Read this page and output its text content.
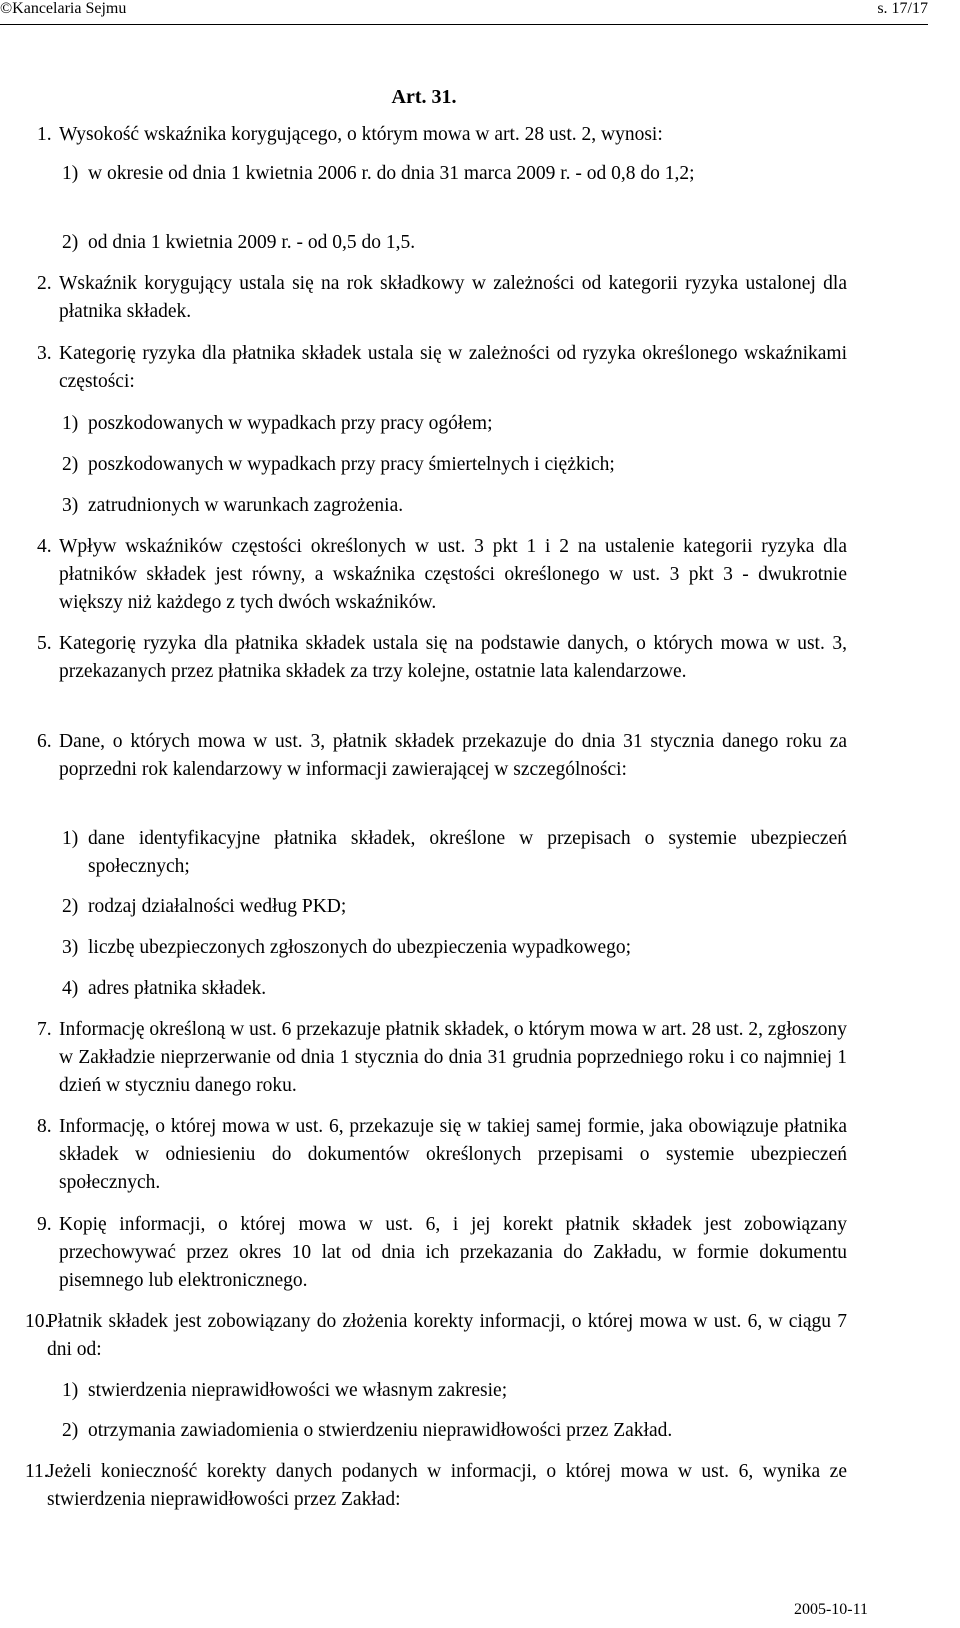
©Kancelaria Sejmu	s. 17/17
Art. 31.
1. Wysokość wskaźnika korygującego, o którym mowa w art. 28 ust. 2, wynosi:
1) w okresie od dnia 1 kwietnia 2006 r. do dnia 31 marca 2009 r. - od 0,8 do 1,2;
2) od dnia 1 kwietnia 2009 r. - od 0,5 do 1,5.
2. Wskaźnik korygujący ustala się na rok składkowy w zależności od kategorii ryzyka ustalonej dla płatnika składek.
3. Kategorię ryzyka dla płatnika składek ustala się w zależności od ryzyka określonego wskaźnikami częstości:
1) poszkodowanych w wypadkach przy pracy ogółem;
2) poszkodowanych w wypadkach przy pracy śmiertelnych i ciężkich;
3) zatrudnionych w warunkach zagrożenia.
4. Wpływ wskaźników częstości określonych w ust. 3 pkt 1 i 2 na ustalenie kategorii ryzyka dla płatników składek jest równy, a wskaźnika częstości określonego w ust. 3 pkt 3 - dwukrotnie większy niż każdego z tych dwóch wskaźników.
5. Kategorię ryzyka dla płatnika składek ustala się na podstawie danych, o których mowa w ust. 3, przekazanych przez płatnika składek za trzy kolejne, ostatnie lata kalendarzowe.
6. Dane, o których mowa w ust. 3, płatnik składek przekazuje do dnia 31 stycznia danego roku za poprzedni rok kalendarzowy w informacji zawierającej w szczególności:
1) dane identyfikacyjne płatnika składek, określone w przepisach o systemie ubezpieczeń społecznych;
2) rodzaj działalności według PKD;
3) liczbę ubezpieczonych zgłoszonych do ubezpieczenia wypadkowego;
4) adres płatnika składek.
7. Informację określoną w ust. 6 przekazuje płatnik składek, o którym mowa w art. 28 ust. 2, zgłoszony w Zakładzie nieprzerwanie od dnia 1 stycznia do dnia 31 grudnia poprzedniego roku i co najmniej 1 dzień w styczniu danego roku.
8. Informację, o której mowa w ust. 6, przekazuje się w takiej samej formie, jaka obowiązuje płatnika składek w odniesieniu do dokumentów określonych przepisami o systemie ubezpieczeń społecznych.
9. Kopię informacji, o której mowa w ust. 6, i jej korekt płatnik składek jest zobowiązany przechowywać przez okres 10 lat od dnia ich przekazania do Zakładu, w formie dokumentu pisemnego lub elektronicznego.
10.
Płatnik składek jest zobowiązany do złożenia korekty informacji, o której mowa w ust. 6, w ciągu 7 dni od:
1) stwierdzenia nieprawidłowości we własnym zakresie;
2) otrzymania zawiadomienia o stwierdzeniu nieprawidłowości przez Zakład.
11.
Jeżeli konieczność korekty danych podanych w informacji, o której mowa w ust. 6, wynika ze stwierdzenia nieprawidłowości przez Zakład:
2005-10-11
